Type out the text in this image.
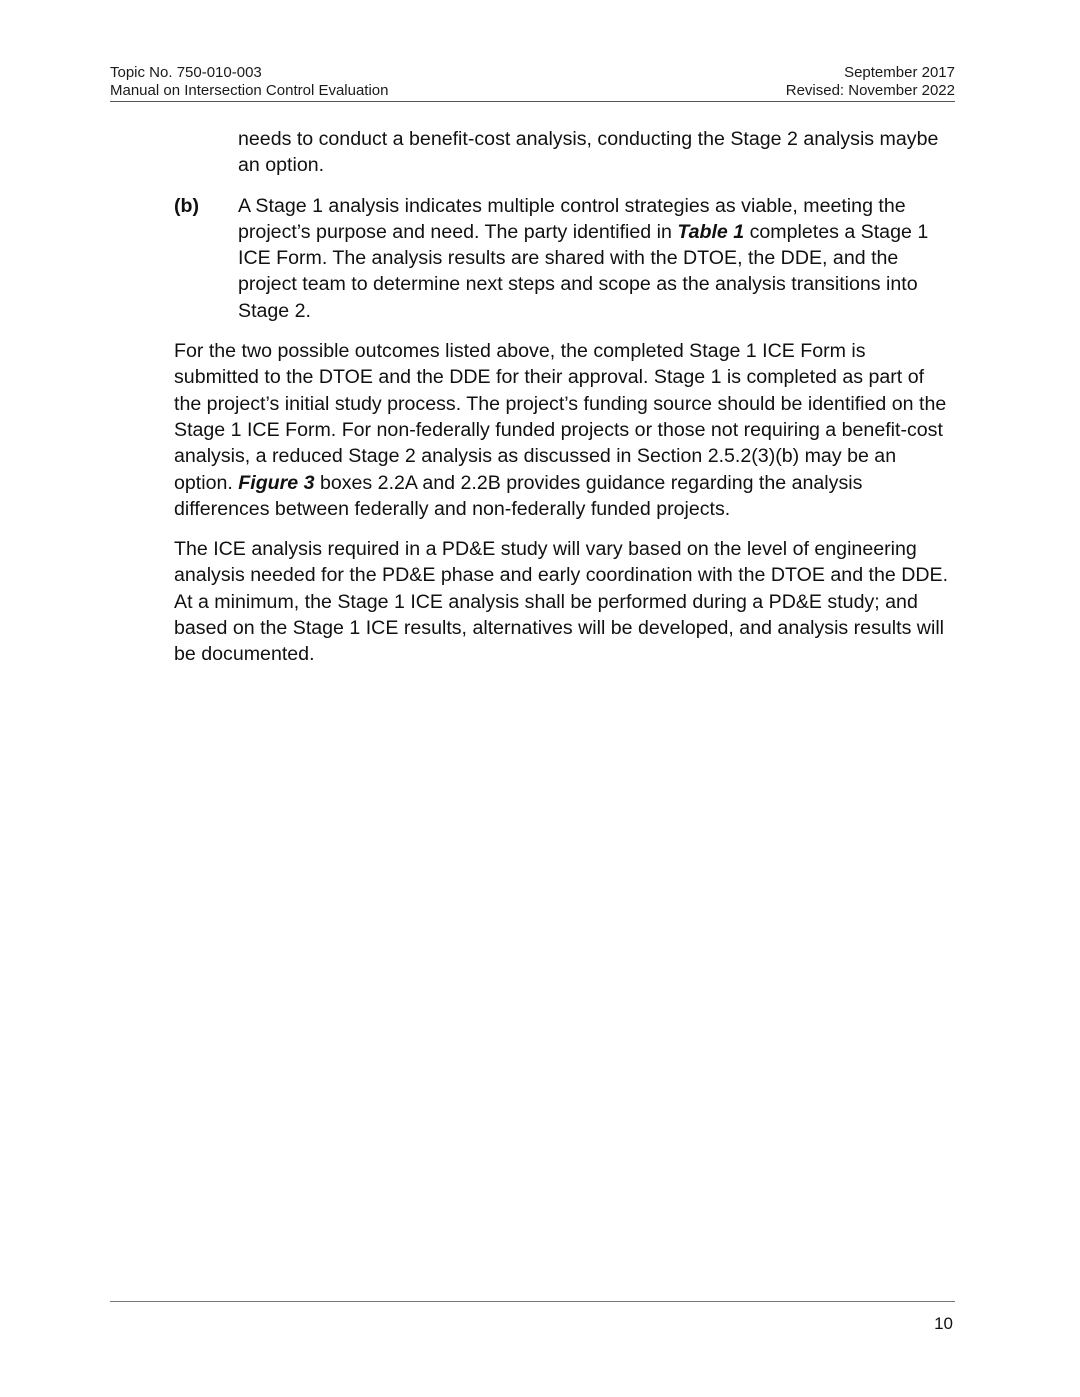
Topic No. 750-010-003
Manual on Intersection Control Evaluation
September 2017
Revised: November 2022

needs to conduct a benefit-cost analysis, conducting the Stage 2 analysis maybe an option.

(b) A Stage 1 analysis indicates multiple control strategies as viable, meeting the project’s purpose and need. The party identified in Table 1 completes a Stage 1 ICE Form. The analysis results are shared with the DTOE, the DDE, and the project team to determine next steps and scope as the analysis transitions into Stage 2.

For the two possible outcomes listed above, the completed Stage 1 ICE Form is submitted to the DTOE and the DDE for their approval. Stage 1 is completed as part of the project’s initial study process. The project’s funding source should be identified on the Stage 1 ICE Form. For non-federally funded projects or those not requiring a benefit-cost analysis, a reduced Stage 2 analysis as discussed in Section 2.5.2(3)(b) may be an option. Figure 3 boxes 2.2A and 2.2B provides guidance regarding the analysis differences between federally and non-federally funded projects.

The ICE analysis required in a PD&E study will vary based on the level of engineering analysis needed for the PD&E phase and early coordination with the DTOE and the DDE. At a minimum, the Stage 1 ICE analysis shall be performed during a PD&E study; and based on the Stage 1 ICE results, alternatives will be developed, and analysis results will be documented.

10
